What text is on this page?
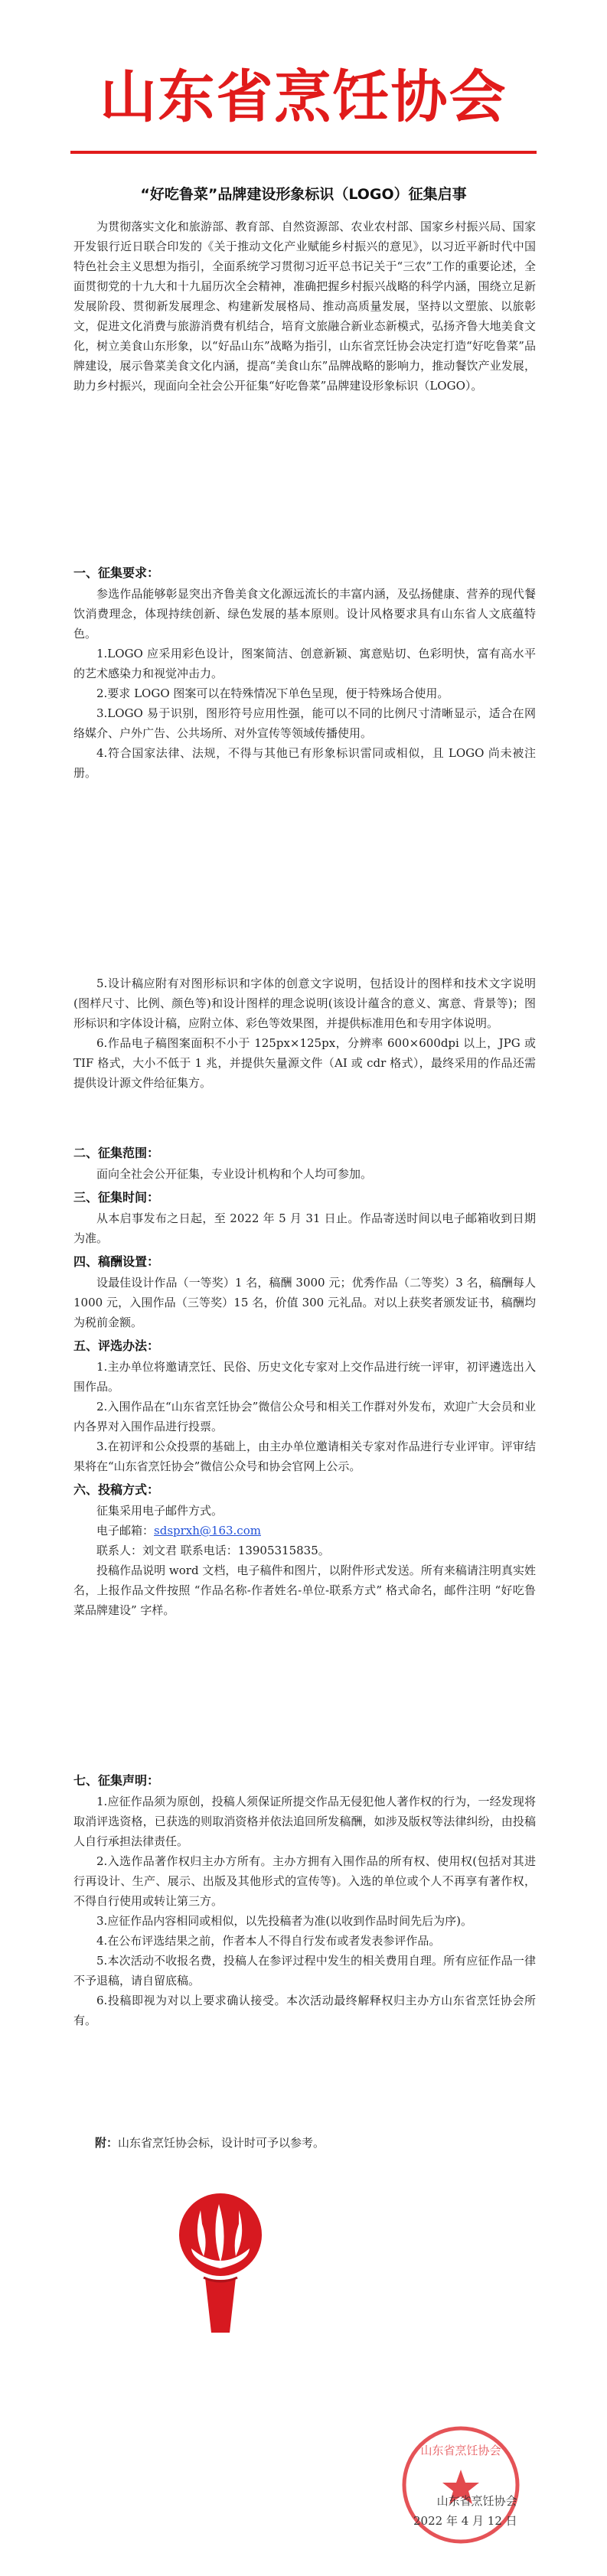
山东省烹饪协会
“好吃鲁菜”品牌建设形象标识（LOGO）征集启事

为贯彻落实文化和旅游部、教育部、自然资源部、农业农村部、国家乡村振兴局、国家开发银行近日联合印发的《关于推动文化产业赋能乡村振兴的意见》，以习近平新时代中国特色社会主义思想为指引，全面系统学习贯彻习近平总书记关于“三农”工作的重要论述，全面贯彻党的十九大和十九届历次全会精神，准确把握乡村振兴战略的科学内涵，围绕立足新发展阶段、贯彻新发展理念、构建新发展格局、推动高质量发展，坚持以文塑旅、以旅彰文，促进文化消费与旅游消费有机结合，培育文旅融合新业态新模式，弘扬齐鲁大地美食文化，树立美食山东形象，以“好品山东”战略为指引，山东省烹饪协会决定打造“好吃鲁菜”品牌建设，展示鲁菜美食文化内涵，提高“美食山东”品牌战略的影响力，推动餐饮产业发展，助力乡村振兴，现面向全社会公开征集“好吃鲁菜”品牌建设形象标识（LOGO）。

一、征集要求：

参选作品能够彰显突出齐鲁美食文化源远流长的丰富内涵，及弘扬健康、营养的现代餐饮消费理念，体现持续创新、绿色发展的基本原则。设计风格要求具有山东省人文底蕴特色。

1.LOGO 应采用彩色设计，图案简洁、创意新颖、寓意贴切、色彩明快，富有高水平的艺术感染力和视觉冲击力。

2.要求 LOGO 图案可以在特殊情况下单色呈现，便于特殊场合使用。

3.LOGO 易于识别，图形符号应用性强，能可以不同的比例尺寸清晰显示，适合在网络媒介、户外广告、公共场所、对外宣传等领域传播使用。

4.符合国家法律、法规，不得与其他已有形象标识雷同或相似，且 LOGO 尚未被注册。

5.设计稿应附有对图形标识和字体的创意文字说明，包括设计的图样和技术文字说明(图样尺寸、比例、颜色等)和设计图样的理念说明(该设计蕴含的意义、寓意、背景等)；图形标识和字体设计稿，应附立体、彩色等效果图，并提供标准用色和专用字体说明。

6.作品电子稿图案面积不小于 125px×125px，分辨率 600×600dpi 以上，JPG 或 TIF 格式，大小不低于 1 兆，并提供矢量源文件（AI 或 cdr 格式），最终采用的作品还需提供设计源文件给征集方。

二、征集范围：

面向全社会公开征集，专业设计机构和个人均可参加。

三、征集时间：

从本启事发布之日起，至 2022 年 5 月 31 日止。作品寄送时间以电子邮箱收到日期为准。

四、稿酬设置：

设最佳设计作品（一等奖）1 名，稿酬 3000 元；优秀作品（二等奖）3 名，稿酬每人 1000 元，入围作品（三等奖）15 名，价值 300 元礼品。对以上获奖者颁发证书，稿酬均为税前金额。

五、评选办法：

1.主办单位将邀请烹饪、民俗、历史文化专家对上交作品进行统一评审，初评遴选出入围作品。

2.入围作品在“山东省烹饪协会”微信公众号和相关工作群对外发布，欢迎广大会员和业内各界对入围作品进行投票。

3.在初评和公众投票的基础上，由主办单位邀请相关专家对作品进行专业评审。评审结果将在“山东省烹饪协会”微信公众号和协会官网上公示。

六、投稿方式：

征集采用电子邮件方式。

电子邮箱：sdsprxh@163.com

联系人：刘文君 联系电话：13905315835。

投稿作品说明 word 文档，电子稿件和图片，以附件形式发送。所有来稿请注明真实姓名，上报作品文件按照 “作品名称-作者姓名-单位-联系方式” 格式命名，邮件注明 “好吃鲁菜品牌建设” 字样。

七、征集声明：

1.应征作品须为原创，投稿人须保证所提交作品无侵犯他人著作权的行为，一经发现将取消评选资格，已获选的则取消资格并依法追回所发稿酬，如涉及版权等法律纠纷，由投稿人自行承担法律责任。

2.入选作品著作权归主办方所有。主办方拥有入围作品的所有权、使用权(包括对其进行再设计、生产、展示、出版及其他形式的宣传等)。入选的单位或个人不再享有著作权，不得自行使用或转让第三方。

3.应征作品内容相同或相似，以先投稿者为准(以收到作品时间先后为序)。

4.在公布评选结果之前，作者本人不得自行发布或者发表参评作品。

5.本次活动不收报名费，投稿人在参评过程中发生的相关费用自理。所有应征作品一律不予退稿，请自留底稿。

6.投稿即视为对以上要求确认接受。本次活动最终解释权归主办方山东省烹饪协会所有。

附：山东省烹饪协会标，设计时可予以参考。
山东省烹饪协会
山东省烹饪协会
2022 年 4 月 12 日
